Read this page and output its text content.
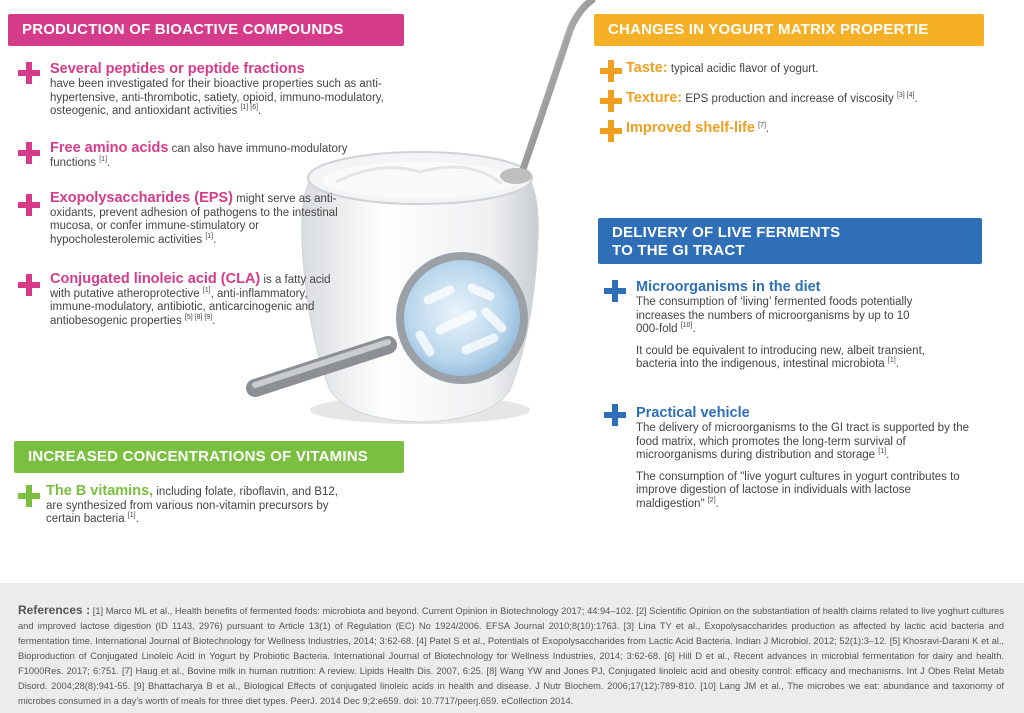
PRODUCTION OF BIOACTIVE COMPOUNDS
Several peptides or peptide fractions
have been investigated for their bioactive properties such as anti-hypertensive, anti-thrombotic, satiety, opioid, immuno-modulatory, osteogenic, and antioxidant activities [1] [6].
Free amino acids can also have immuno-modulatory functions [1].
Exopolysaccharides (EPS) might serve as anti-oxidants, prevent adhesion of pathogens to the intestinal mucosa, or confer immune-stimulatory or hypocholesterolemic activities [1].
Conjugated linoleic acid (CLA) is a fatty acid with putative atheroprotective [1], anti-inflammatory, immune-modulatory, antibiotic, anticarcinogenic and antiobesogenic properties [5] [8] [9].
INCREASED CONCENTRATIONS OF VITAMINS
The B vitamins, including folate, riboflavin, and B12, are synthesized from various non-vitamin precursors by certain bacteria [1].
CHANGES IN YOGURT MATRIX PROPERTIE
Taste: typical acidic flavor of yogurt.
Texture: EPS production and increase of viscosity [3] [4].
Improved shelf-life [7].
DELIVERY OF LIVE FERMENTS
TO THE GI TRACT
Microorganisms in the diet
The consumption of ‘living’ fermented foods potentially increases the numbers of microorganisms by up to 10 000-fold [10].
It could be equivalent to introducing new, albeit transient, bacteria into the indigenous, intestinal microbiota [1].
Practical vehicle
The delivery of microorganisms to the GI tract is supported by the food matrix, which promotes the long-term survival of microorganisms during distribution and storage [1].
The consumption of "live yogurt cultures in yogurt contributes to improve digestion of lactose in individuals with lactose maldigestion" [2].

References : [1] Marco ML et al., Health benefits of fermented foods: microbiota and beyond. Current Opinion in Biotechnology 2017; 44:94–102. [2] Scientific Opinion on the substantiation of health claims related to live yoghurt cultures and improved lactose digestion (ID 1143, 2976) pursuant to Article 13(1) of Regulation (EC) No 1924/2006. EFSA Journal 2010;8(10):1763. [3] Lina TY et al., Exopolysaccharides production as affected by lactic acid bacteria and fermentation time. International Journal of Biotechnology for Wellness Industries, 2014; 3:62-68. [4] Patel S et al., Potentials of Exopolysaccharides from Lactic Acid Bacteria. Indian J Microbiol. 2012; 52(1):3–12. [5] Khosravi-Darani K et al., Bioproduction of Conjugated Linoleic Acid in Yogurt by Probiotic Bacteria. International Journal of Biotechnology for Wellness Industries, 2014; 3:62-68. [6] Hill D et al., Recent advances in microbial fermentation for dairy and health. F1000Res. 2017; 6:751. [7] Haug et al., Bovine milk in human nutrition: A review. Lipids Health Dis. 2007, 6:25. [8] Wang YW and Jones PJ, Conjugated linoleic acid and obesity control: efficacy and mechanisms. Int J Obes Relat Metab Disord. 2004;28(8):941-55. [9] Bhattacharya B et al., Biological Effects of conjugated linoleic acids in health and disease. J Nutr Biochem. 2006;17(12):789-810. [10] Lang JM et al., The microbes we eat: abundance and taxonomy of microbes consumed in a day's worth of meals for three diet types. PeerJ. 2014 Dec 9;2:e659. doi: 10.7717/peerj.659. eCollection 2014.
